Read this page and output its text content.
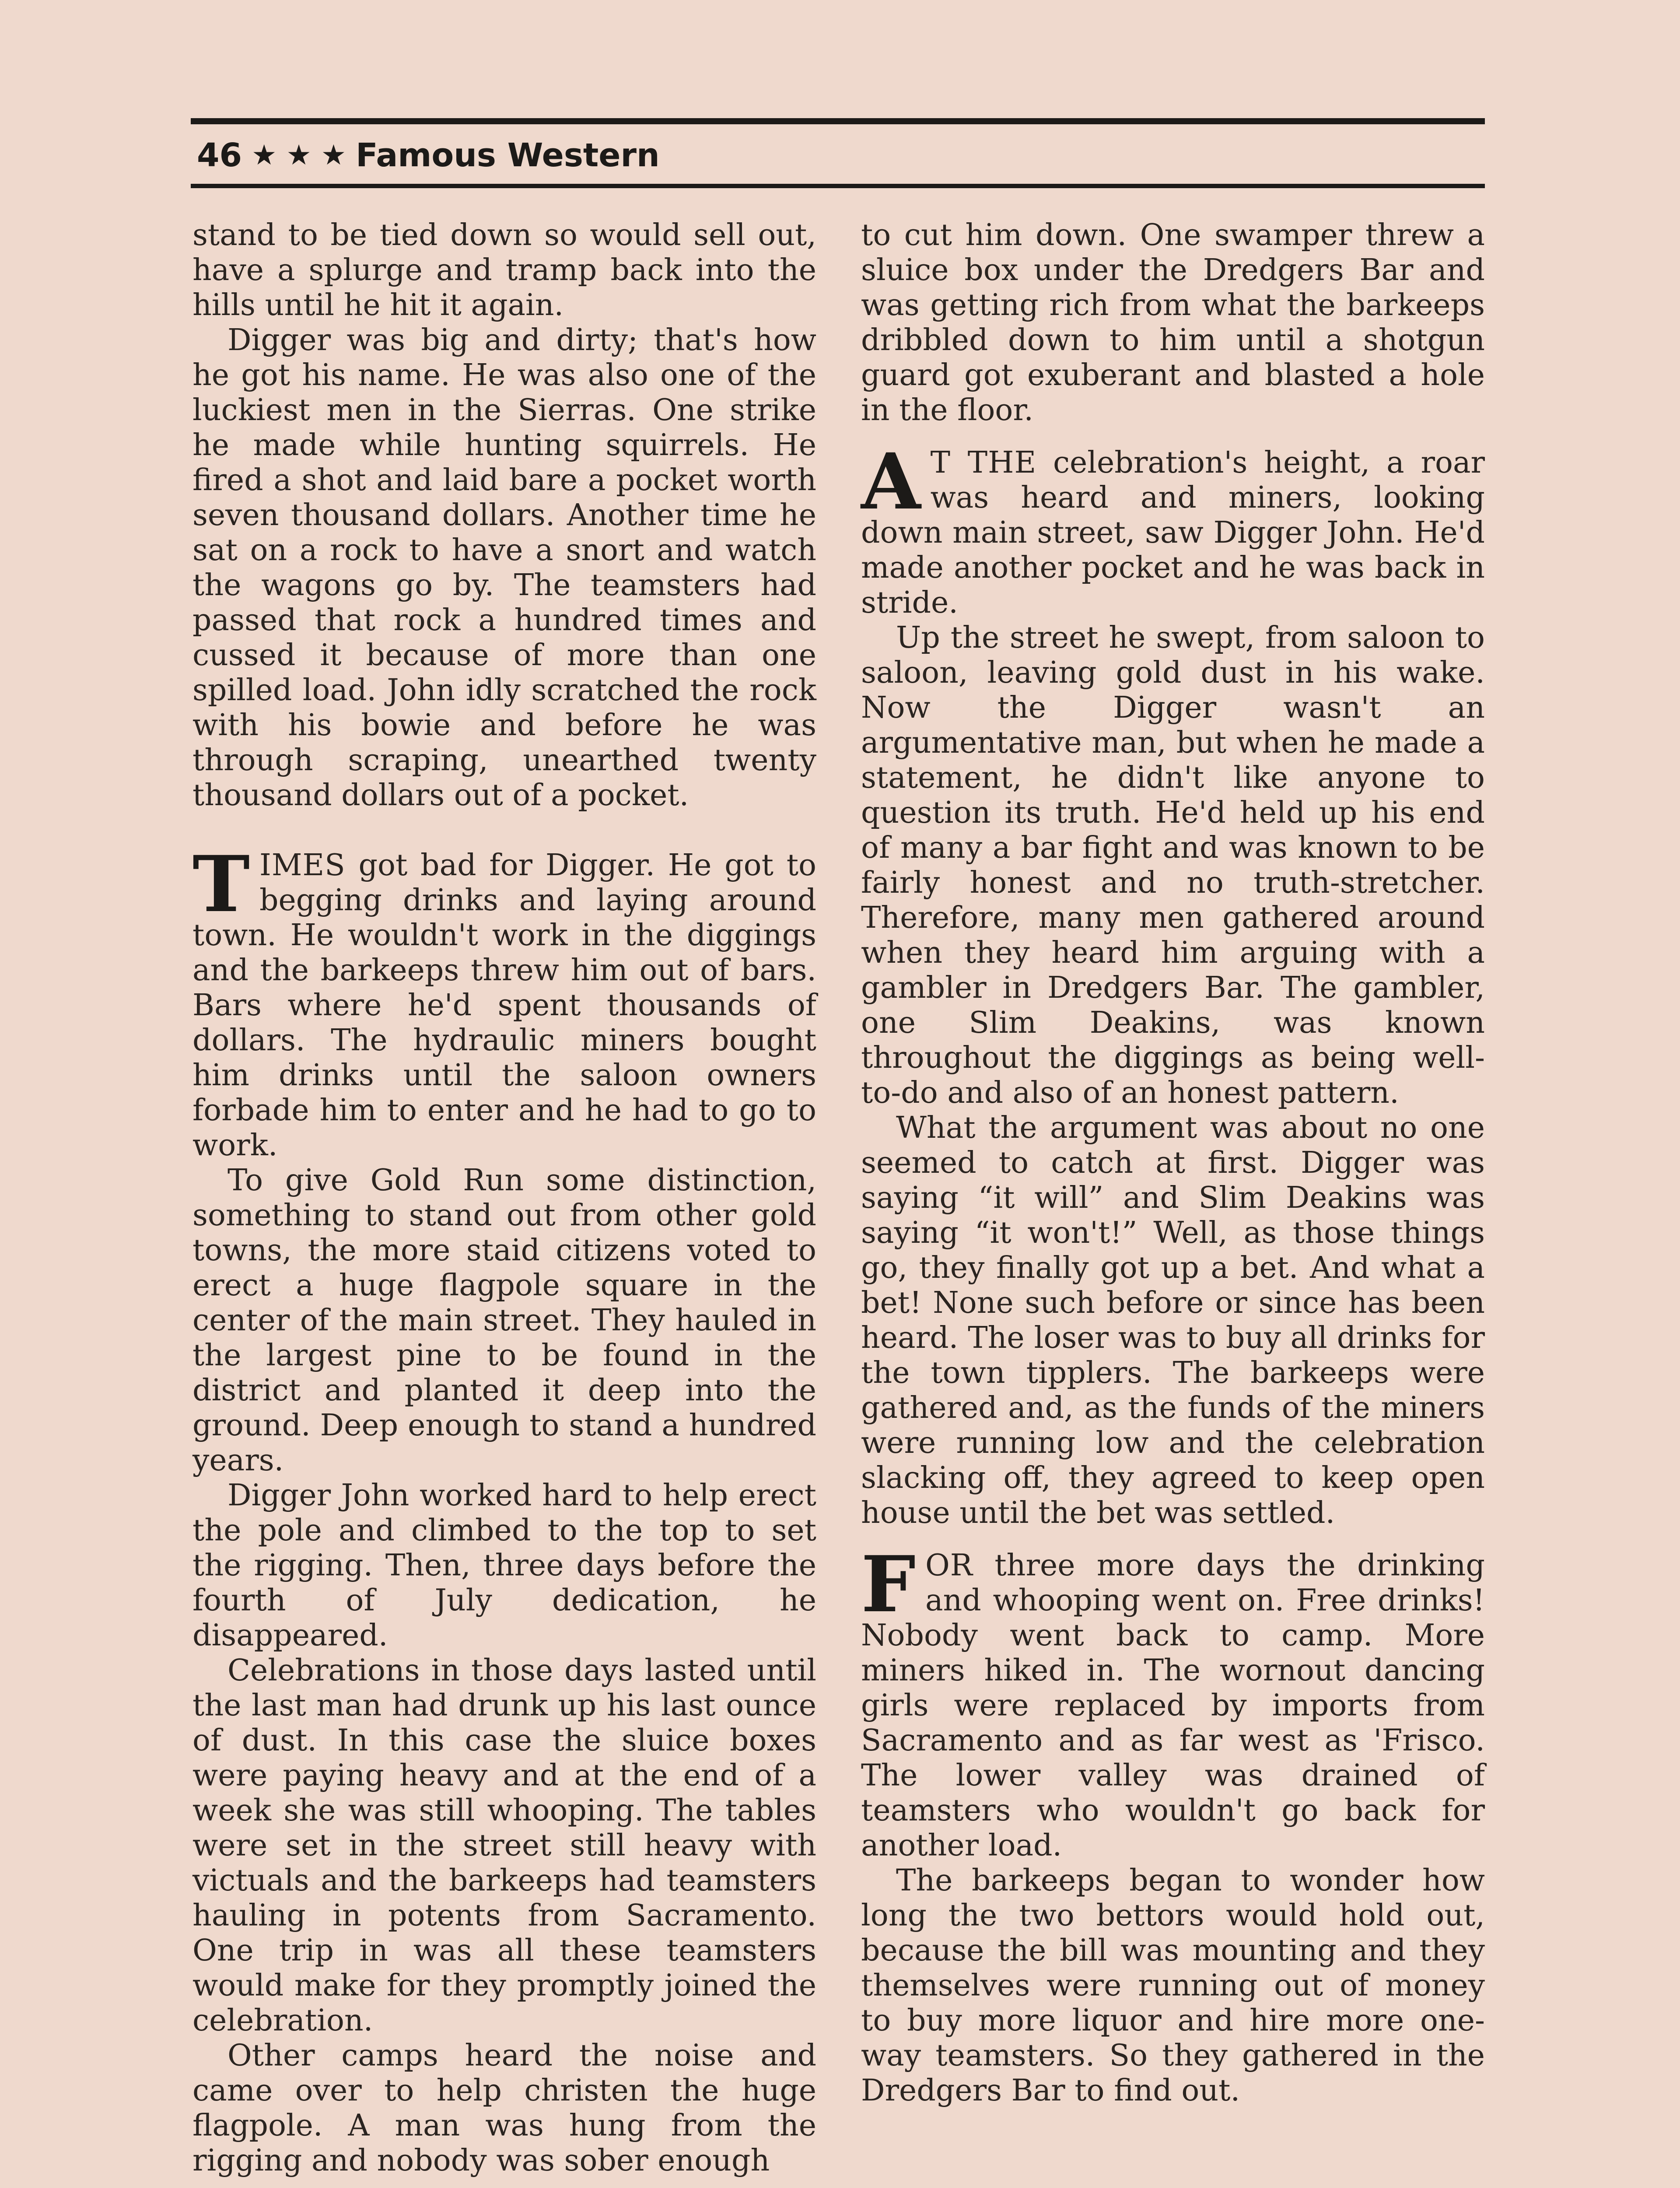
46 ★ ★ ★ Famous Western

stand to be tied down so would sell out, have a splurge and tramp back into the hills until he hit it again.

Digger was big and dirty; that's how he got his name. He was also one of the luckiest men in the Sierras. One strike he made while hunting squirrels. He fired a shot and laid bare a pocket worth seven thousand dollars. Another time he sat on a rock to have a snort and watch the wagons go by. The teamsters had passed that rock a hundred times and cussed it because of more than one spilled load. John idly scratched the rock with his bowie and before he was through scraping, unearthed twenty thousand dollars out of a pocket.

TIMES got bad for Digger. He got to begging drinks and laying around town. He wouldn't work in the diggings and the barkeeps threw him out of bars. Bars where he'd spent thousands of dollars. The hydraulic miners bought him drinks until the saloon owners forbade him to enter and he had to go to work.

To give Gold Run some distinction, something to stand out from other gold towns, the more staid citizens voted to erect a huge flagpole square in the center of the main street. They hauled in the largest pine to be found in the district and planted it deep into the ground. Deep enough to stand a hundred years.

Digger John worked hard to help erect the pole and climbed to the top to set the rigging. Then, three days before the fourth of July dedication, he disappeared.

Celebrations in those days lasted until the last man had drunk up his last ounce of dust. In this case the sluice boxes were paying heavy and at the end of a week she was still whooping. The tables were set in the street still heavy with victuals and the barkeeps had teamsters hauling in potents from Sacramento. One trip in was all these teamsters would make for they promptly joined the celebration.

Other camps heard the noise and came over to help christen the huge flagpole. A man was hung from the rigging and nobody was sober enough

to cut him down. One swamper threw a sluice box under the Dredgers Bar and was getting rich from what the barkeeps dribbled down to him until a shotgun guard got exuberant and blasted a hole in the floor.

A T THE celebration's height, a roar was heard and miners, looking down main street, saw Digger John. He'd made another pocket and he was back in stride.

Up the street he swept, from saloon to saloon, leaving gold dust in his wake. Now the Digger wasn't an argumentative man, but when he made a statement, he didn't like anyone to question its truth. He'd held up his end of many a bar fight and was known to be fairly honest and no truth-stretcher. Therefore, many men gathered around when they heard him arguing with a gambler in Dredgers Bar. The gambler, one Slim Deakins, was known throughout the diggings as being well-to-do and also of an honest pattern.

What the argument was about no one seemed to catch at first. Digger was saying “it will” and Slim Deakins was saying “it won't!” Well, as those things go, they finally got up a bet. And what a bet! None such before or since has been heard. The loser was to buy all drinks for the town tipplers. The barkeeps were gathered and, as the funds of the miners were running low and the celebration slacking off, they agreed to keep open house until the bet was settled.

FOR three more days the drinking and whooping went on. Free drinks! Nobody went back to camp. More miners hiked in. The wornout dancing girls were replaced by imports from Sacramento and as far west as 'Frisco. The lower valley was drained of teamsters who wouldn't go back for another load.

The barkeeps began to wonder how long the two bettors would hold out, because the bill was mounting and they themselves were running out of money to buy more liquor and hire more one-way teamsters. So they gathered in the Dredgers Bar to find out.
